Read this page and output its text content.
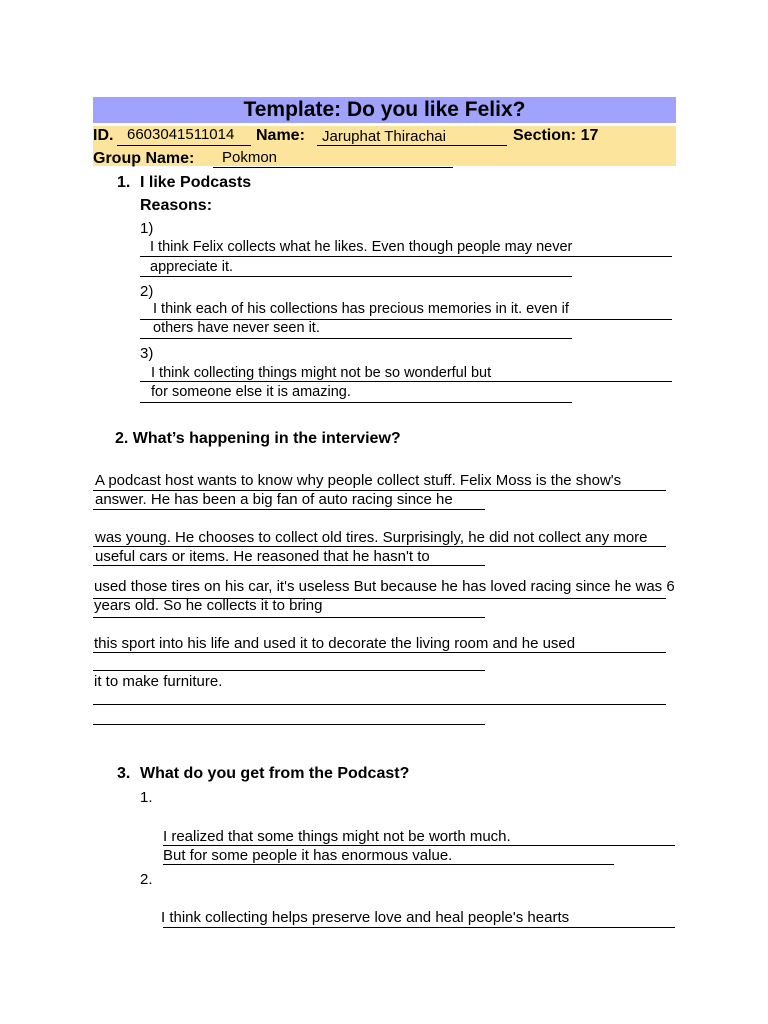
Template: Do you like Felix?
ID. 6603041511014 Name: Jaruphat Thirachai	Section: 17
Group Name: Pokmon
1. I like Podcasts
Reasons:
1)
I think Felix collects what he likes. Even though people may never
appreciate it.
2)
I think each of his collections has precious memories in it. even if
others have never seen it.
3)
I think collecting things might not be so wonderful but
for someone else it is amazing.
2. What’s happening in the interview?
A podcast host wants to know why people collect stuff. Felix Moss is the show's
answer. He has been a big fan of auto racing since he
was young. He chooses to collect old tires. Surprisingly, he did not collect any more
useful cars or items. He reasoned that he hasn't to
used those tires on his car, it's useless But because he has loved racing since he was 6
years old. So he collects it to bring
this sport into his life and used it to decorate the living room and he used
it to make furniture.
3. What do you get from the Podcast?
1.
I realized that some things might not be worth much.
But for some people it has enormous value.
2.
I think collecting helps preserve love and heal people's hearts
